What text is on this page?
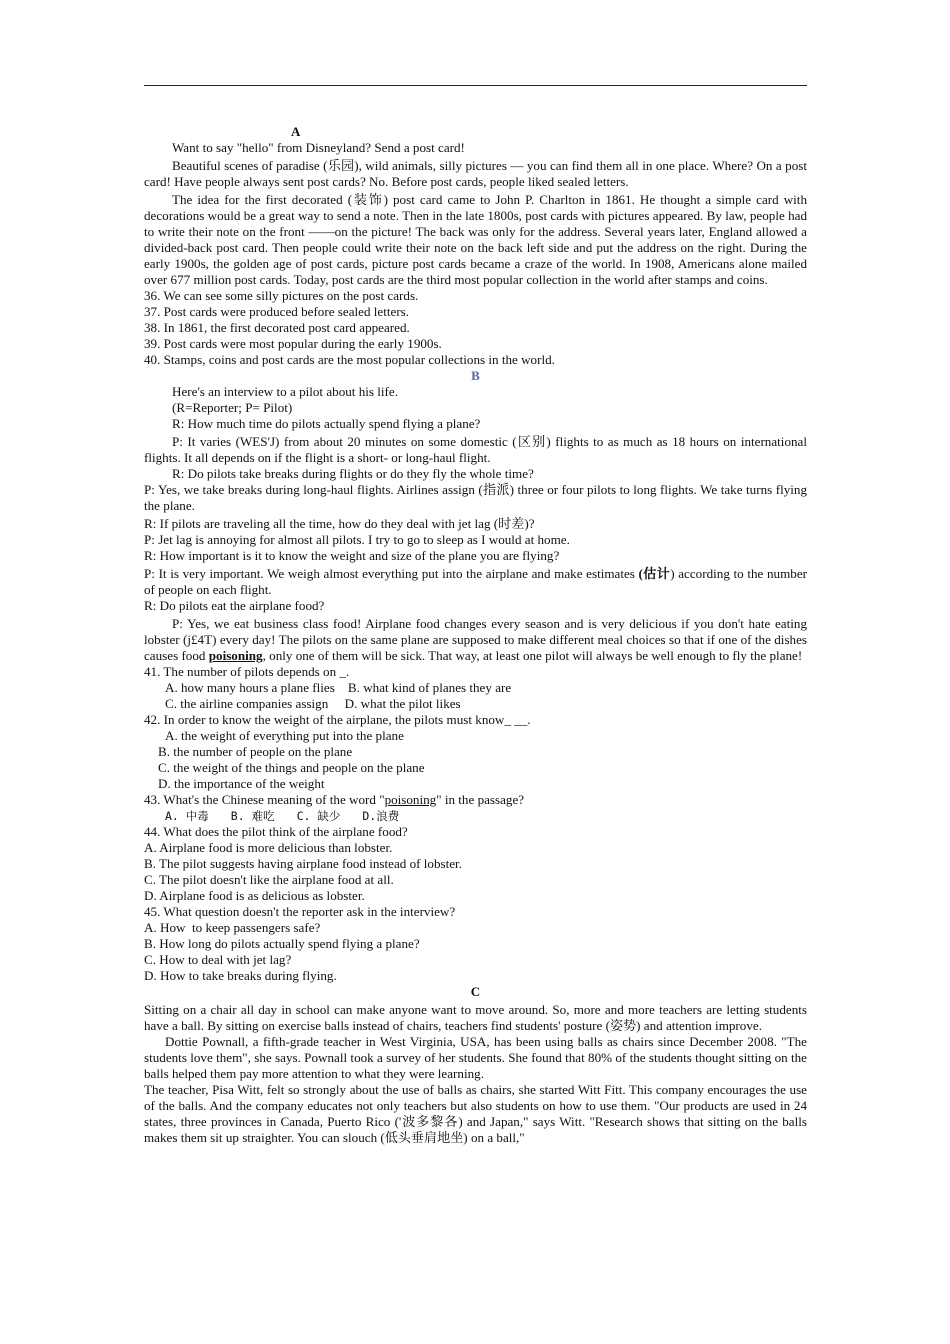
A
Want to say "hello" from Disneyland? Send a post card!

Beautiful scenes of paradise (乐园), wild animals, silly pictures — you can find them all in one place. Where? On a post card! Have people always sent post cards? No. Before post cards, people liked sealed letters.

The idea for the first decorated (装饰) post card came to John P. Charlton in 1861. He thought a simple card with decorations would be a great way to send a note. Then in the late 1800s, post cards with pictures appeared. By law, people had to write their note on the front ——on the picture! The back was only for the address. Several years later, England allowed a divided-back post card. Then people could write their note on the back left side and put the address on the right. During the early 1900s, the golden age of post cards, picture post cards became a craze of the world. In 1908, Americans alone mailed over 677 million post cards. Today, post cards are the third most popular collection in the world after stamps and coins.

36. We can see some silly pictures on the post cards.
37. Post cards were produced before sealed letters.
38. In 1861, the first decorated post card appeared.
39. Post cards were most popular during the early 1900s.
40. Stamps, coins and post cards are the most popular collections in the world.
B
Here's an interview to a pilot about his life.
(R=Reporter; P= Pilot)
R: How much time do pilots actually spend flying a plane?

P: It varies (WES'J) from about 20 minutes on some domestic (区别) flights to as much as 18 hours on international flights. It all depends on if the flight is a short- or long-haul flight.

R: Do pilots take breaks during flights or do they fly the whole time?

P: Yes, we take breaks during long-haul flights. Airlines assign (指派) three or four pilots to long flights. We take turns flying the plane.

R: If pilots are traveling all the time, how do they deal with jet lag (时差)?
P: Jet lag is annoying for almost all pilots. I try to go to sleep as I would at home.
R: How important is it to know the weight and size of the plane you are flying?

P: It is very important. We weigh almost everything put into the airplane and make estimates (估计) according to the number of people on each flight.

R: Do pilots eat the airplane food?

P: Yes, we eat business class food! Airplane food changes every season and is very delicious if you don't hate eating lobster (j£4T) every day! The pilots on the same plane are supposed to make different meal choices so that if one of the dishes causes food poisoning, only one of them will be sick. That way, at least one pilot will always be well enough to fly the plane!

41. The number of pilots depends on _.
A. how many hours a plane flies    B. what kind of planes they are
C. the airline companies assign     D. what the pilot likes
42. In order to know the weight of the airplane, the pilots must know_ __.
A. the weight of everything put into the plane
B. the number of people on the plane
C. the weight of the things and people on the plane
D. the importance of the weight
43. What's the Chinese meaning of the word "poisoning" in the passage?
A. 中毒 B. 难吃 C. 缺少 D.浪费
44. What does the pilot think of the airplane food?
A. Airplane food is more delicious than lobster.
B. The pilot suggests having airplane food instead of lobster.
C. The pilot doesn't like the airplane food at all.
D. Airplane food is as delicious as lobster.
45. What question doesn't the reporter ask in the interview?
A. How  to keep passengers safe?
B. How long do pilots actually spend flying a plane?
C. How to deal with jet lag?
D. How to take breaks during flying.
C

Sitting on a chair all day in school can make anyone want to move around. So, more and more teachers are letting students have a ball. By sitting on exercise balls instead of chairs, teachers find students' posture (姿势) and attention improve.

Dottie Pownall, a fifth-grade teacher in West Virginia, USA, has been using balls as chairs since December 2008. "The students love them", she says. Pownall took a survey of her students. She found that 80% of the students thought sitting on the balls helped them pay more attention to what they were learning.

The teacher, Pisa Witt, felt so strongly about the use of balls as chairs, she started Witt Fitt. This company encourages the use of the balls. And the company educates not only teachers but also students on how to use them. "Our products are used in 24 states, three provinces in Canada, Puerto Rico ('波多黎各) and Japan," says Witt. "Research shows that sitting on the balls makes them sit up straighter. You can slouch (低头垂肩地坐) on a ball,"
